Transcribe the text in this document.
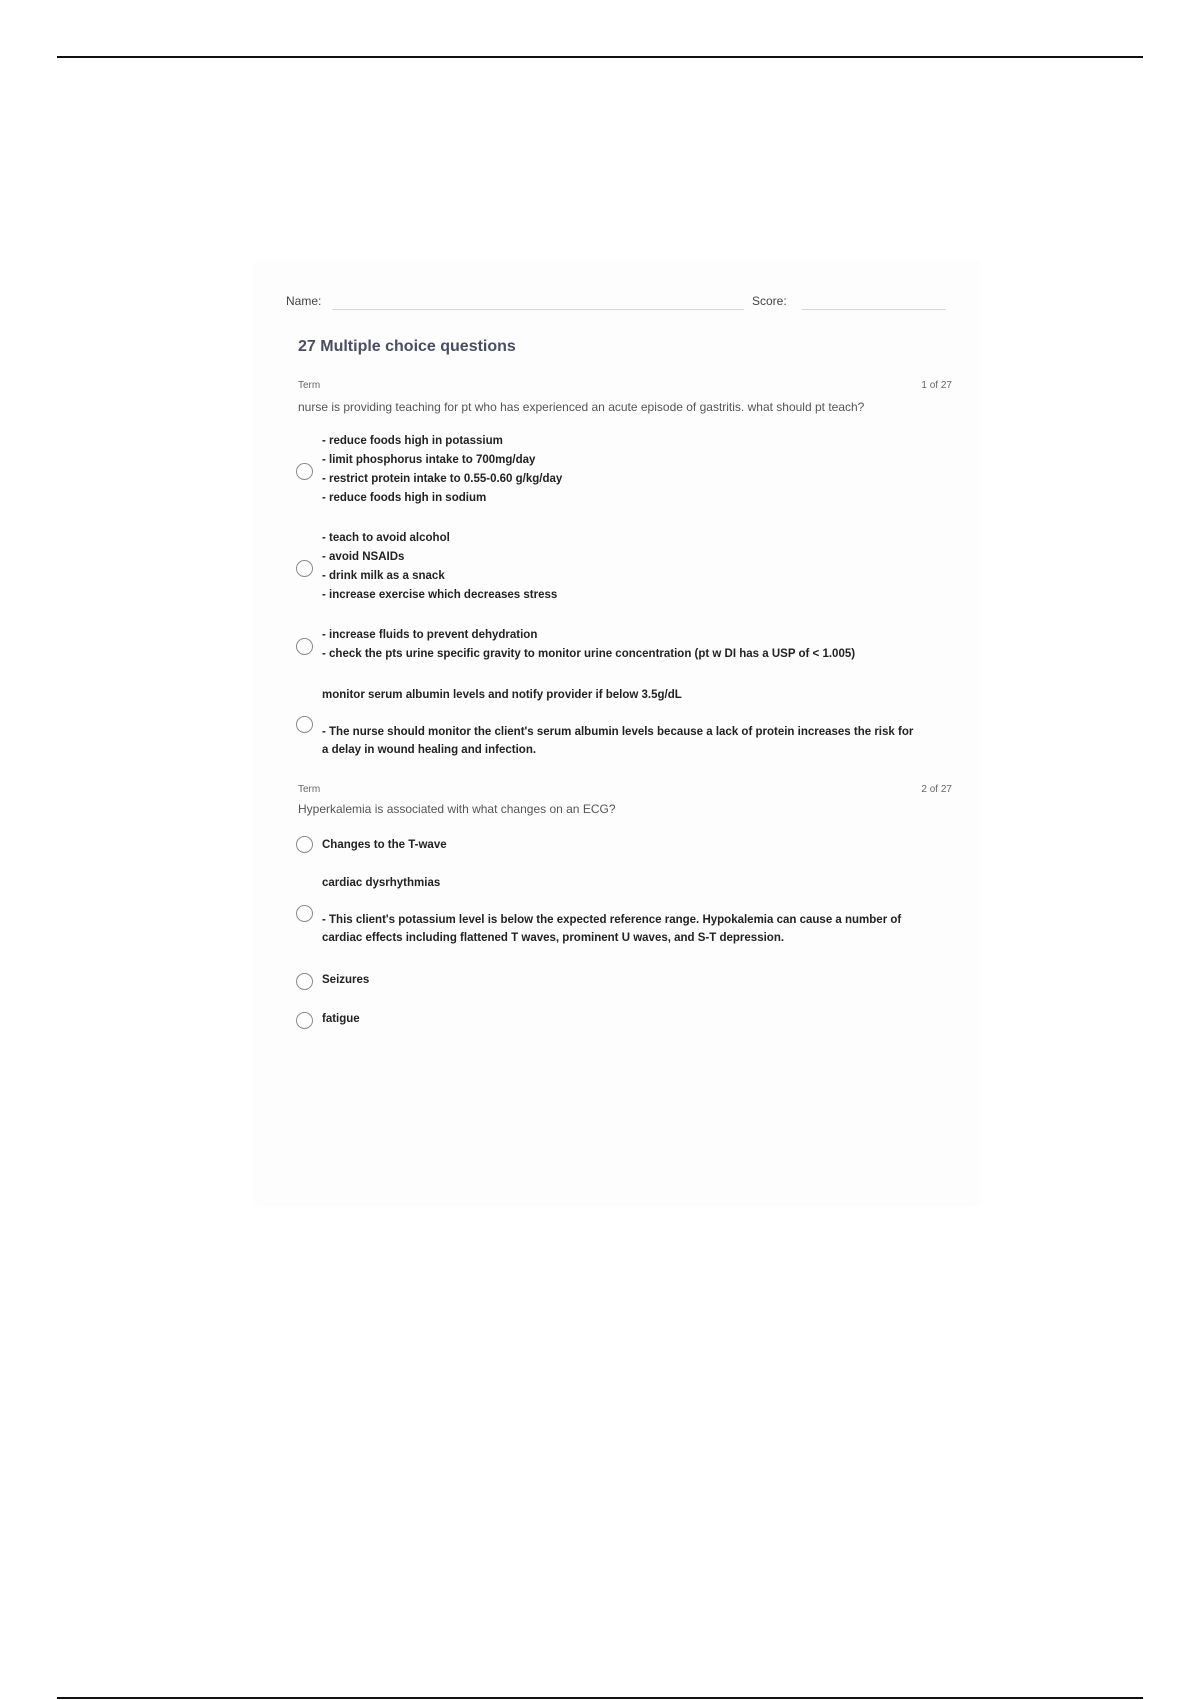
Name:	Score:
27 Multiple choice questions
Term	1 of 27
nurse is providing teaching for pt who has experienced an acute episode of gastritis. what should pt teach?
- reduce foods high in potassium
- limit phosphorus intake to 700mg/day
- restrict protein intake to 0.55-0.60 g/kg/day
- reduce foods high in sodium
- teach to avoid alcohol
- avoid NSAIDs
- drink milk as a snack
- increase exercise which decreases stress
- increase fluids to prevent dehydration
- check the pts urine specific gravity to monitor urine concentration (pt w DI has a USP of < 1.005)
monitor serum albumin levels and notify provider if below 3.5g/dL
- The nurse should monitor the client's serum albumin levels because a lack of protein increases the risk for a delay in wound healing and infection.
Term	2 of 27
Hyperkalemia is associated with what changes on an ECG?
Changes to the T-wave
cardiac dysrhythmias
- This client's potassium level is below the expected reference range. Hypokalemia can cause a number of cardiac effects including flattened T waves, prominent U waves, and S-T depression.
Seizures
fatigue
